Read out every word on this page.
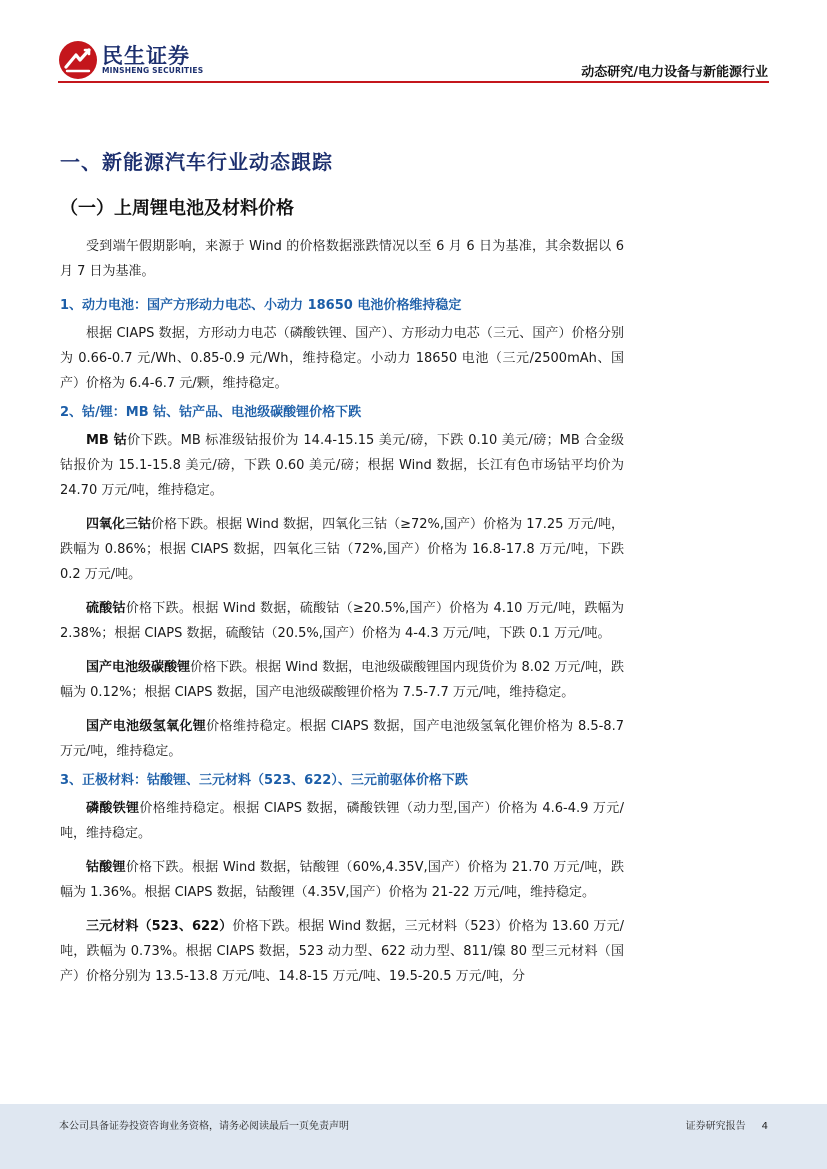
民生证券
MINSHENG SECURITIES	动态研究/电力设备与新能源行业
一、新能源汽车行业动态跟踪
（一）上周锂电池及材料价格

受到端午假期影响，来源于 Wind 的价格数据涨跌情况以至 6 月 6 日为基准，其余数据以 6 月 7 日为基准。

1、动力电池：国产方形动力电芯、小动力 18650 电池价格维持稳定

根据 CIAPS 数据，方形动力电芯（磷酸铁锂、国产）、方形动力电芯（三元、国产）价格分别为 0.66-0.7 元/Wh、0.85-0.9 元/Wh，维持稳定。小动力 18650 电池（三元/2500mAh、国产）价格为 6.4-6.7 元/颗，维持稳定。

2、钴/锂：MB 钴、钴产品、电池级碳酸锂价格下跌

MB 钴价下跌。MB 标准级钴报价为 14.4-15.15 美元/磅，下跌 0.10 美元/磅；MB 合金级钴报价为 15.1-15.8 美元/磅，下跌 0.60 美元/磅；根据 Wind 数据，长江有色市场钴平均价为 24.70 万元/吨，维持稳定。

四氧化三钴价格下跌。根据 Wind 数据，四氧化三钴（≥72%,国产）价格为 17.25 万元/吨，跌幅为 0.86%；根据 CIAPS 数据，四氧化三钴（72%,国产）价格为 16.8-17.8 万元/吨，下跌 0.2 万元/吨。

硫酸钴价格下跌。根据 Wind 数据，硫酸钴（≥20.5%,国产）价格为 4.10 万元/吨，跌幅为 2.38%；根据 CIAPS 数据，硫酸钴（20.5%,国产）价格为 4-4.3 万元/吨，下跌 0.1 万元/吨。

国产电池级碳酸锂价格下跌。根据 Wind 数据，电池级碳酸锂国内现货价为 8.02 万元/吨，跌幅为 0.12%；根据 CIAPS 数据，国产电池级碳酸锂价格为 7.5-7.7 万元/吨，维持稳定。

国产电池级氢氧化锂价格维持稳定。根据 CIAPS 数据，国产电池级氢氧化锂价格为 8.5-8.7 万元/吨，维持稳定。

3、正极材料：钴酸锂、三元材料（523、622）、三元前驱体价格下跌

磷酸铁锂价格维持稳定。根据 CIAPS 数据，磷酸铁锂（动力型,国产）价格为 4.6-4.9 万元/吨，维持稳定。

钴酸锂价格下跌。根据 Wind 数据，钴酸锂（60%,4.35V,国产）价格为 21.70 万元/吨，跌幅为 1.36%。根据 CIAPS 数据，钴酸锂（4.35V,国产）价格为 21-22 万元/吨，维持稳定。

三元材料（523、622）价格下跌。根据 Wind 数据，三元材料（523）价格为 13.60 万元/吨，跌幅为 0.73%。根据 CIAPS 数据，523 动力型、622 动力型、811/镍 80 型三元材料（国产）价格分别为 13.5-13.8 万元/吨、14.8-15 万元/吨、19.5-20.5 万元/吨，分

本公司具备证券投资咨询业务资格，请务必阅读最后一页免责声明	证券研究报告 4
